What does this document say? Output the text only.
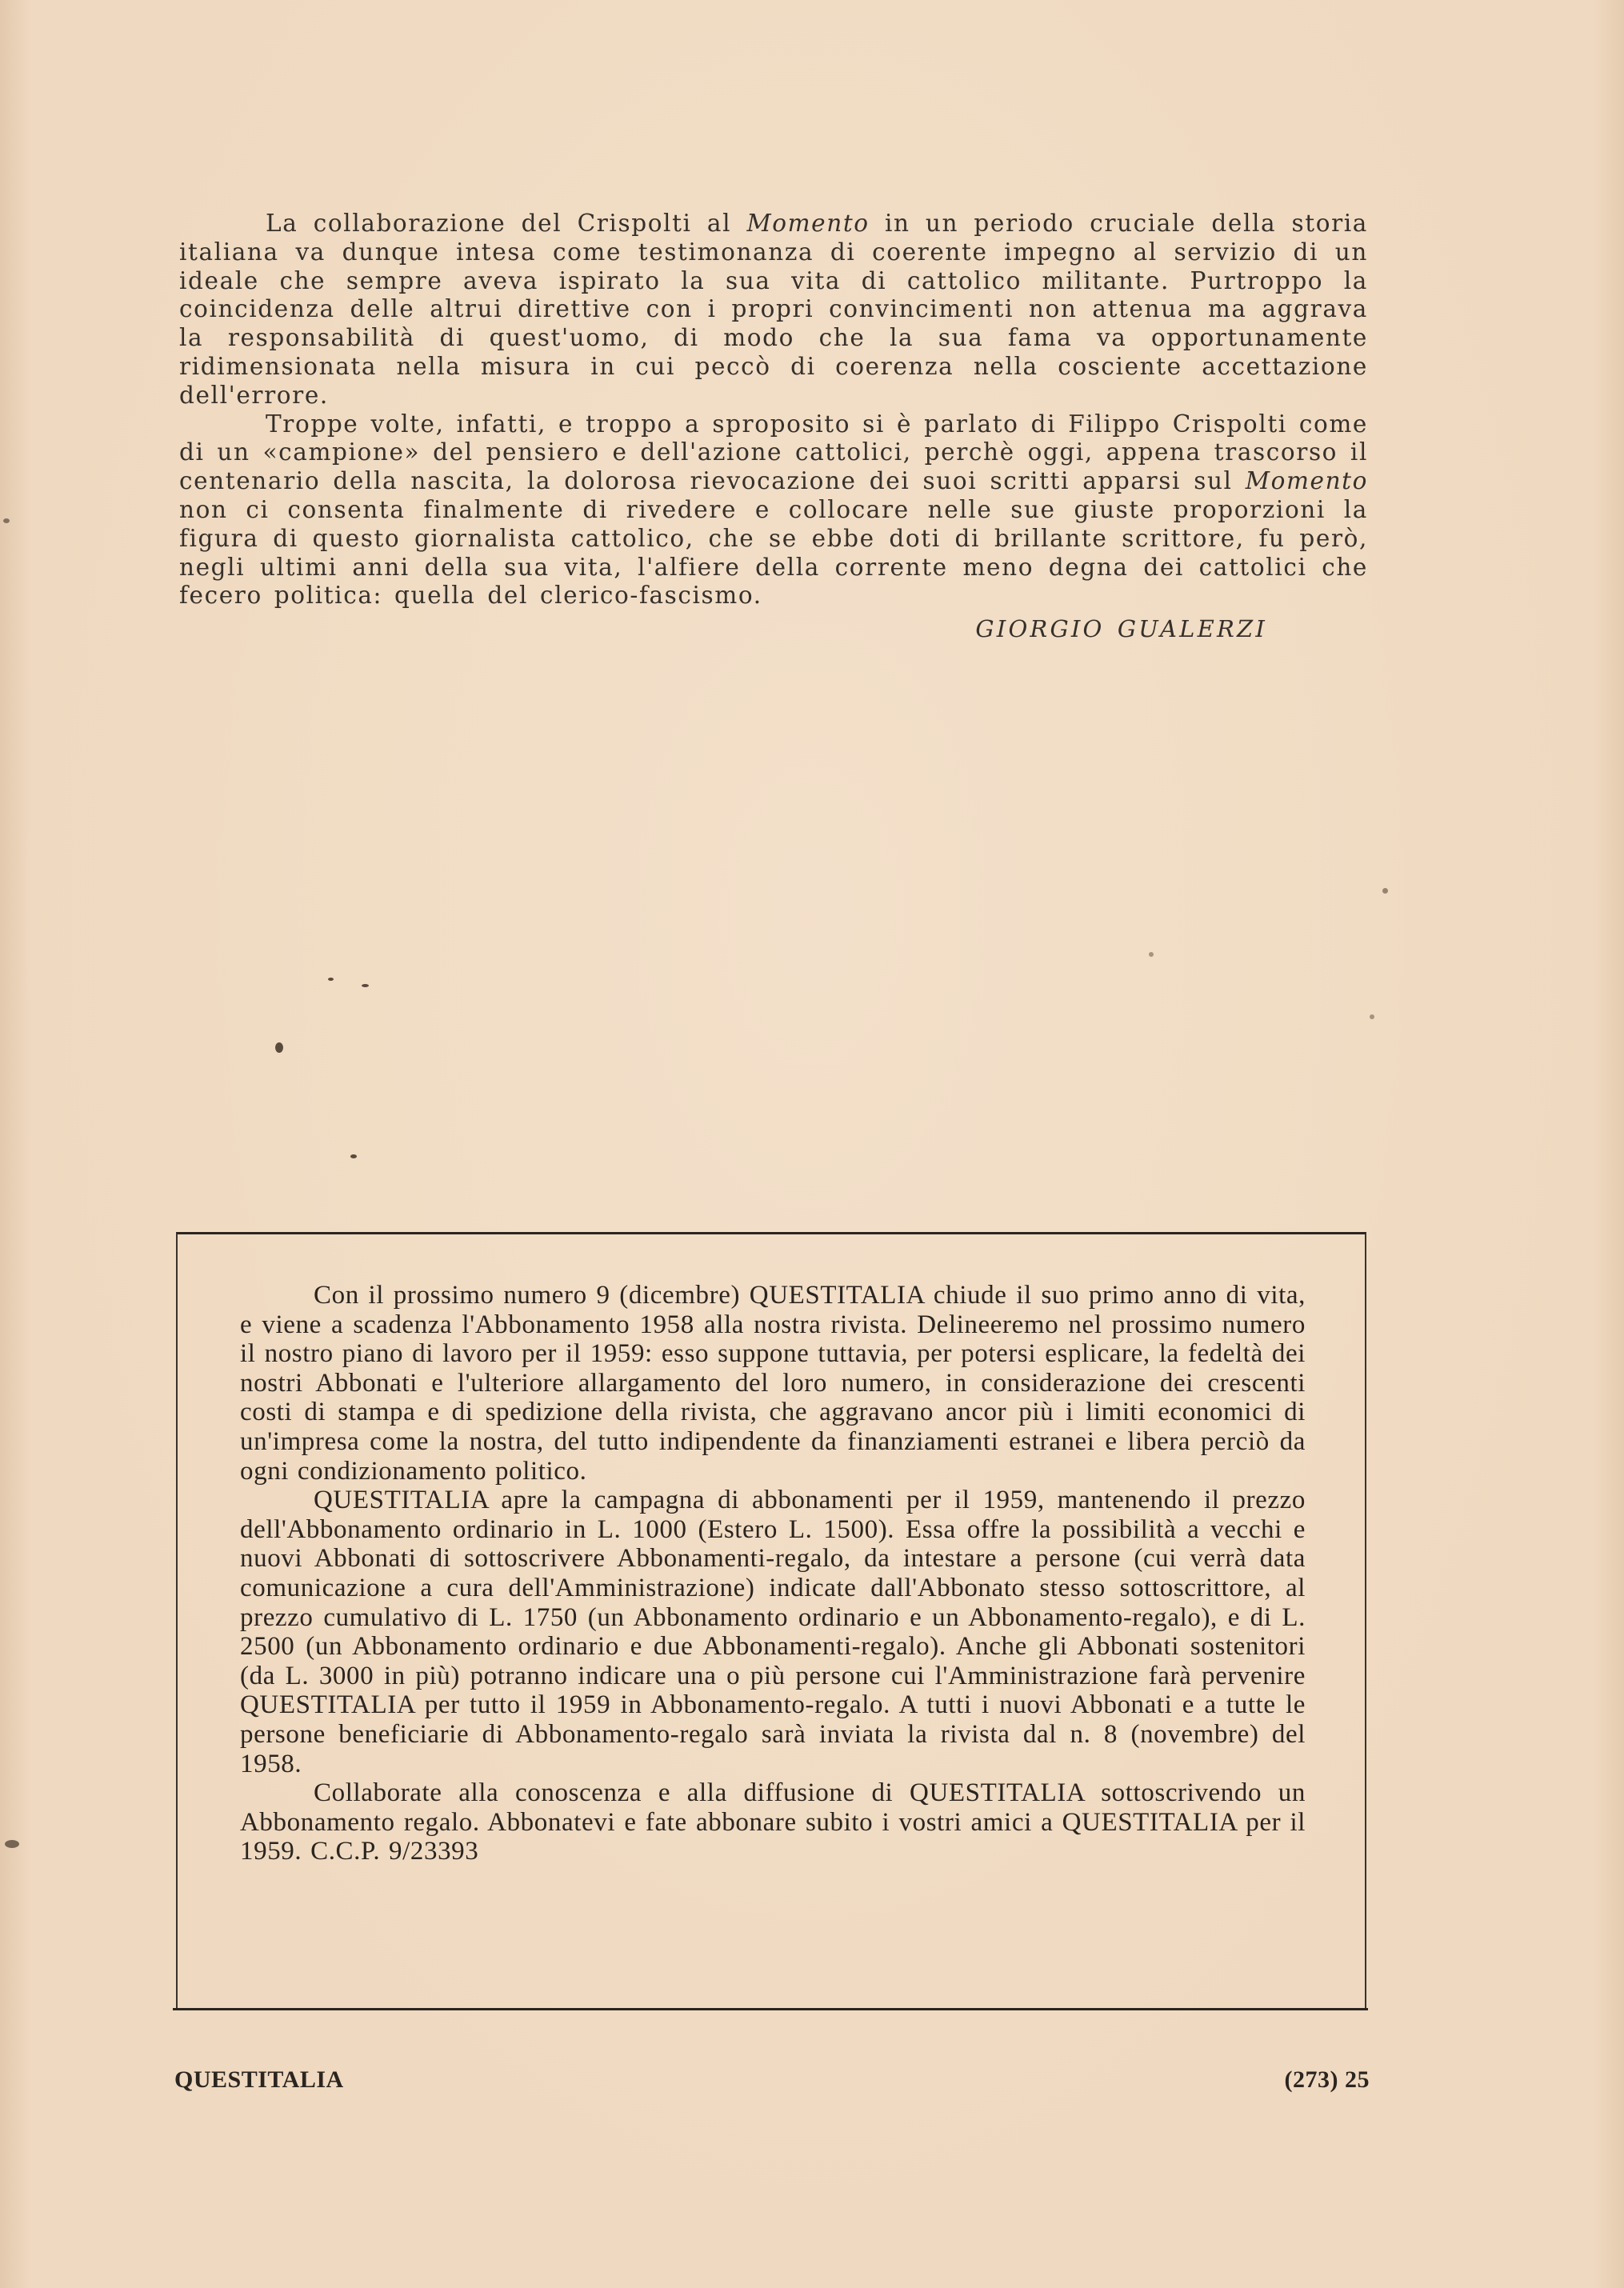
La collaborazione del Crispolti al Momento in un periodo cruciale della storia italiana va dunque intesa come testimonanza di coerente impegno al servizio di un ideale che sempre aveva ispirato la sua vita di cattolico militante. Purtroppo la coincidenza delle altrui direttive con i propri convincimenti non attenua ma aggrava la responsabilità di quest'uomo, di modo che la sua fama va opportunamente ridimensionata nella misura in cui peccò di coerenza nella cosciente accettazione dell'errore.

Troppe volte, infatti, e troppo a sproposito si è parlato di Filippo Crispolti come di un «campione» del pensiero e dell'azione cattolici, perchè oggi, appena trascorso il centenario della nascita, la dolorosa rievocazione dei suoi scritti apparsi sul Momento non ci consenta finalmente di rivedere e collocare nelle sue giuste proporzioni la figura di questo giornalista cattolico, che se ebbe doti di brillante scrittore, fu però, negli ultimi anni della sua vita, l'alfiere della corrente meno degna dei cattolici che fecero politica: quella del clerico-fascismo.

GIORGIO GUALERZI

Con il prossimo numero 9 (dicembre) QUESTITALIA chiude il suo primo anno di vita, e viene a scadenza l'Abbonamento 1958 alla nostra rivista. Delineeremo nel prossimo numero il nostro piano di lavoro per il 1959: esso suppone tuttavia, per potersi esplicare, la fedeltà dei nostri Abbonati e l'ulteriore allargamento del loro numero, in considerazione dei crescenti costi di stampa e di spedizione della rivista, che aggravano ancor più i limiti economici di un'impresa come la nostra, del tutto indipendente da finanziamenti estranei e libera perciò da ogni condizionamento politico.

QUESTITALIA apre la campagna di abbonamenti per il 1959, mantenendo il prezzo dell'Abbonamento ordinario in L. 1000 (Estero L. 1500). Essa offre la possibilità a vecchi e nuovi Abbonati di sottoscrivere Abbonamenti-regalo, da intestare a persone (cui verrà data comunicazione a cura dell'Amministrazione) indicate dall'Abbonato stesso sottoscrittore, al prezzo cumulativo di L. 1750 (un Abbonamento ordinario e un Abbonamento-regalo), e di L. 2500 (un Abbonamento ordinario e due Abbonamenti-regalo). Anche gli Abbonati sostenitori (da L. 3000 in più) potranno indicare una o più persone cui l'Amministrazione farà pervenire QUESTITALIA per tutto il 1959 in Abbonamento-regalo. A tutti i nuovi Abbonati e a tutte le persone beneficiarie di Abbonamento-regalo sarà inviata la rivista dal n. 8 (novembre) del 1958.

Collaborate alla conoscenza e alla diffusione di QUESTITALIA sottoscrivendo un Abbonamento regalo. Abbonatevi e fate abbonare subito i vostri amici a QUESTITALIA per il 1959. C.C.P. 9/23393

QUESTITALIA	(273) 25
